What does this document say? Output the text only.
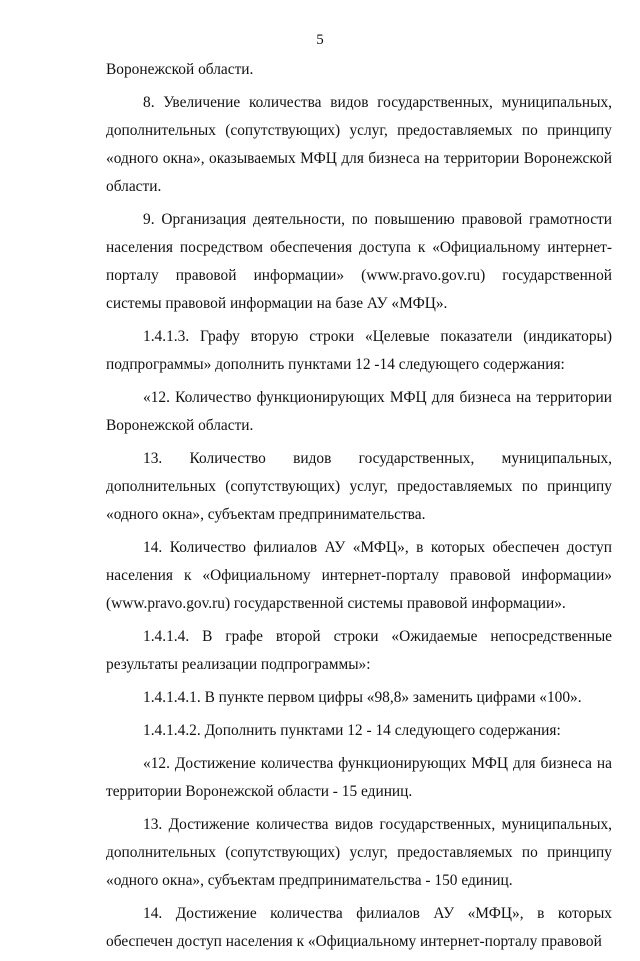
5

Воронежской области.

8. Увеличение количества видов государственных, муниципальных, дополнительных (сопутствующих) услуг, предоставляемых по принципу «одного окна», оказываемых МФЦ для бизнеса на территории Воронежской области.

9. Организация деятельности, по повышению правовой грамотности населения посредством обеспечения доступа к «Официальному интернет-порталу правовой информации» (www.pravo.gov.ru) государственной системы правовой информации на базе АУ «МФЦ».

1.4.1.3. Графу вторую строки «Целевые показатели (индикаторы) подпрограммы» дополнить пунктами 12 -14 следующего содержания:

«12. Количество функционирующих МФЦ для бизнеса на территории Воронежской области.

13. Количество видов государственных, муниципальных, дополнительных (сопутствующих) услуг, предоставляемых по принципу «одного окна», субъектам предпринимательства.

14. Количество филиалов АУ «МФЦ», в которых обеспечен доступ населения к «Официальному интернет-порталу правовой информации» (www.pravo.gov.ru) государственной системы правовой информации».

1.4.1.4. В графе второй строки «Ожидаемые непосредственные результаты реализации подпрограммы»:

1.4.1.4.1. В пункте первом цифры «98,8» заменить цифрами «100».

1.4.1.4.2. Дополнить пунктами 12 - 14 следующего содержания:

«12. Достижение количества функционирующих МФЦ для бизнеса на территории Воронежской области - 15 единиц.

13. Достижение количества видов государственных, муниципальных, дополнительных (сопутствующих) услуг, предоставляемых по принципу «одного окна», субъектам предпринимательства - 150 единиц.

14. Достижение количества филиалов АУ «МФЦ», в которых обеспечен доступ населения к «Официальному интернет-порталу правовой
